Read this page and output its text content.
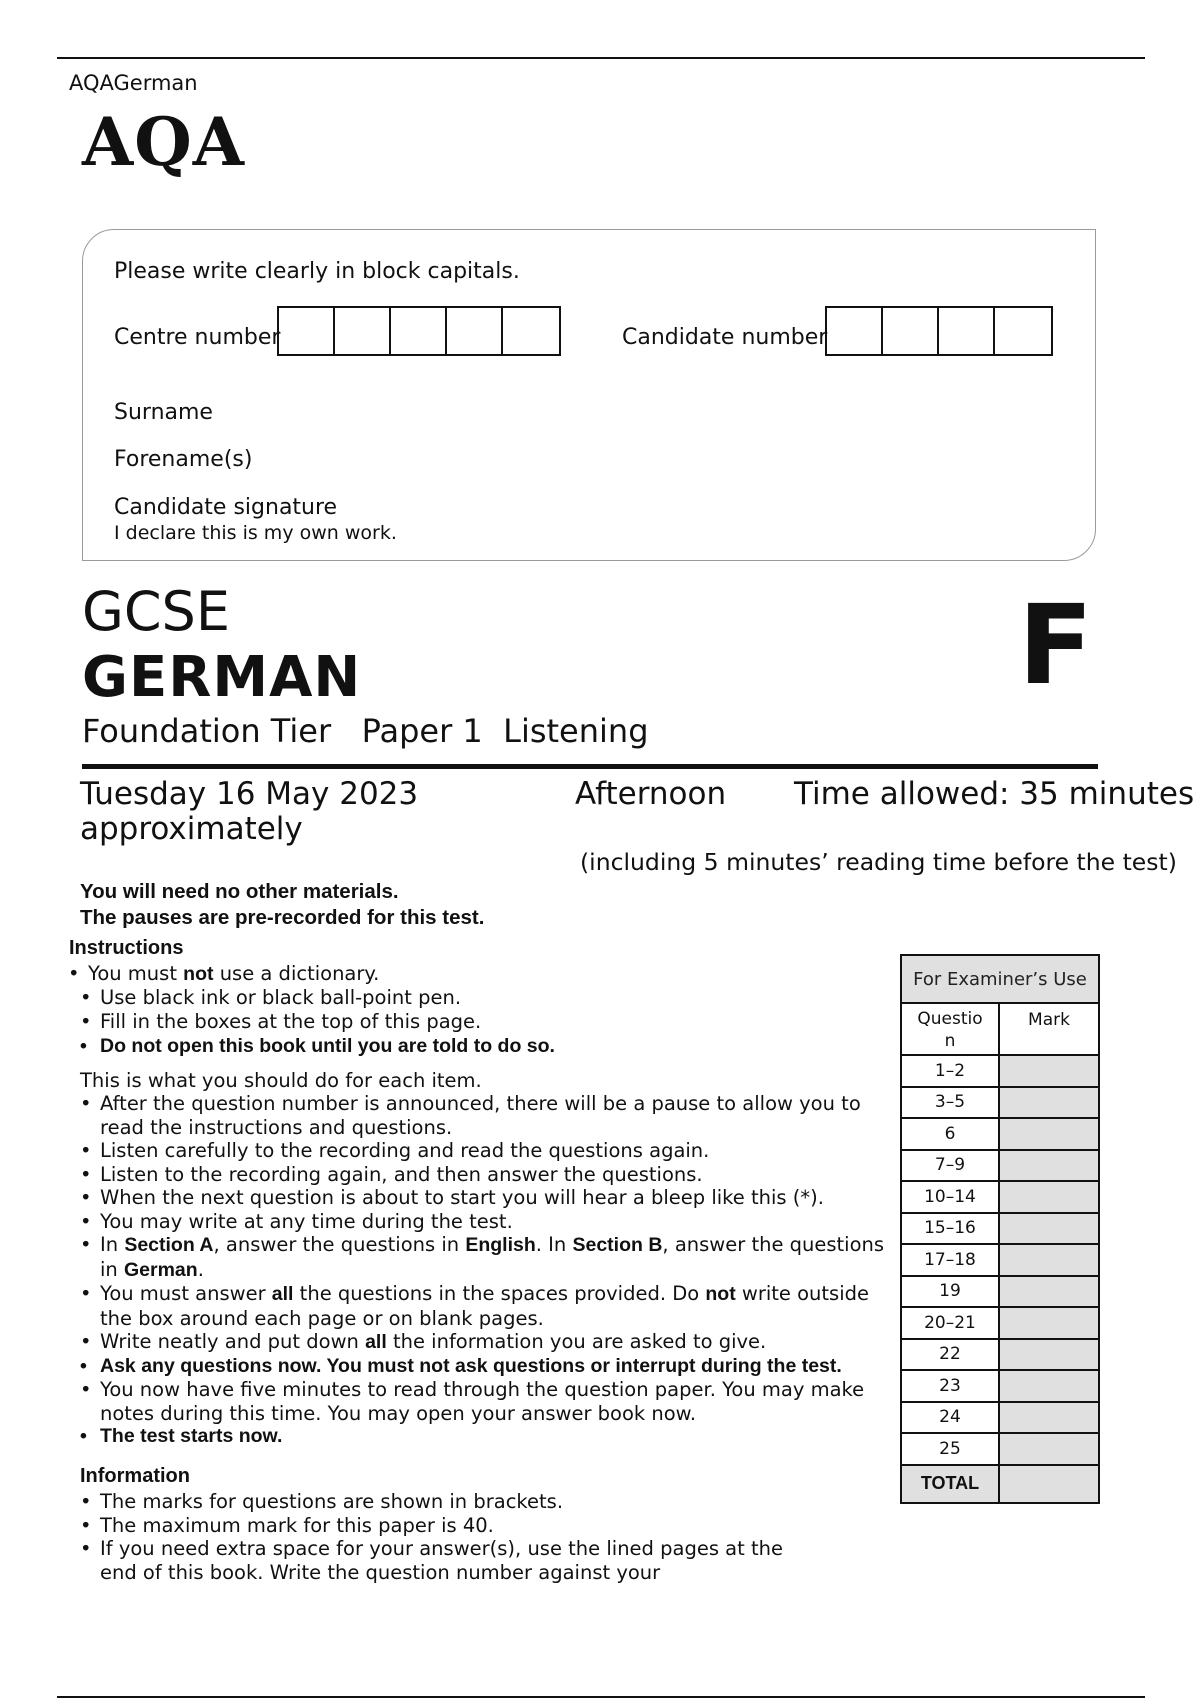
AQAGerman
AQA
Please write clearly in block capitals.
Centre number	Candidate number
Surname
Forename(s)
Candidate signature
I declare this is my own work.
GCSE
GERMAN
Foundation Tier Paper 1 Listening
F
Tuesday 16 May 2023	Afternoon Time allowed: 35 minutes
approximately
(including 5 minutes’ reading time before the test)
You will need no other materials.
The pauses are pre-recorded for this test.
Instructions
• You must not use a dictionary.
• Use black ink or black ball-point pen.
• Fill in the boxes at the top of this page.
• Do not open this book until you are told to do so.
This is what you should do for each item.
• After the question number is announced, there will be a pause to allow you to read the instructions and questions.
• Listen carefully to the recording and read the questions again.
• Listen to the recording again, and then answer the questions.
• When the next question is about to start you will hear a bleep like this (*).
• You may write at any time during the test.
• In Section A, answer the questions in English. In Section B, answer the questions in German.
• You must answer all the questions in the spaces provided. Do not write outside the box around each page or on blank pages.
• Write neatly and put down all the information you are asked to give.
• Ask any questions now. You must not ask questions or interrupt during the test.
• You now have five minutes to read through the question paper. You may make notes during this time. You may open your answer book now.
• The test starts now.
Information
• The marks for questions are shown in brackets.
• The maximum mark for this paper is 40.
• If you need extra space for your answer(s), use the lined pages at the end of this book. Write the question number against your
For Examiner’s Use
Questio n
Mark
1–2
3–5
6
7–9
10–14
15–16
17–18
19
20–21
22
23
24
25
TOTAL
